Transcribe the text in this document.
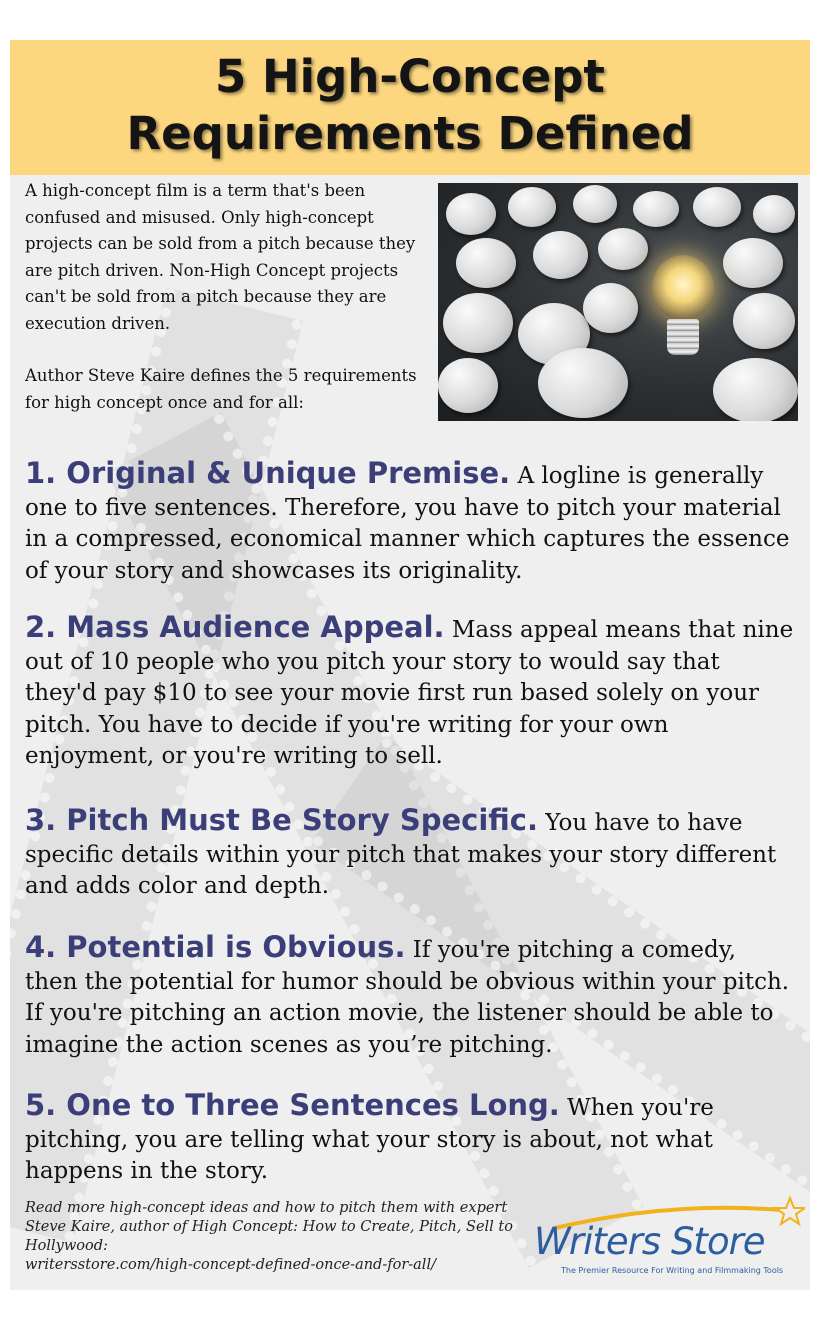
5 High-Concept
Requirements Defined

A high-concept film is a term that's been confused and misused. Only high-concept projects can be sold from a pitch because they are pitch driven. Non-High Concept projects can't be sold from a pitch because they are execution driven.

Author Steve Kaire defines the 5 requirements for high concept once and for all:

1. Original & Unique Premise. A logline is generally one to five sentences. Therefore, you have to pitch your material in a compressed, economical manner which captures the essence of your story and showcases its originality.

2. Mass Audience Appeal. Mass appeal means that nine out of 10 people who you pitch your story to would say that they'd pay $10 to see your movie first run based solely on your pitch. You have to decide if you're writing for your own enjoyment, or you're writing to sell.

3. Pitch Must Be Story Specific. You have to have specific details within your pitch that makes your story different and adds color and depth.

4. Potential is Obvious. If you're pitching a comedy, then the potential for humor should be obvious within your pitch. If you're pitching an action movie, the listener should be able to imagine the action scenes as you’re pitching.

5. One to Three Sentences Long. When you're pitching, you are telling what your story is about, not what happens in the story.

Read more high-concept ideas and how to pitch them with expert Steve Kaire, author of High Concept: How to Create, Pitch, Sell to Hollywood:
writersstore.com/high-concept-defined-once-and-for-all/
Writers Store
The Premier Resource For Writing and Filmmaking Tools
